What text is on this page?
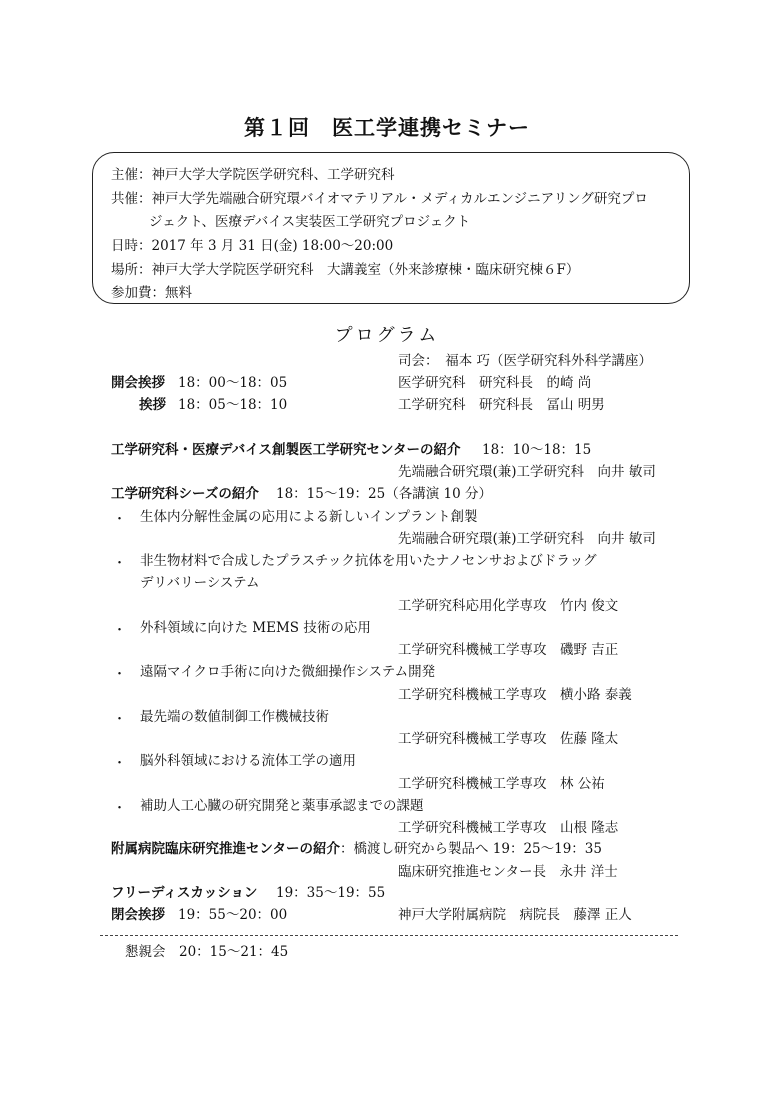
第１回　医工学連携セミナー
主催：神戸大学大学院医学研究科、工学研究科
共催：神戸大学先端融合研究環バイオマテリアル・メディカルエンジニアリング研究プロ
ジェクト、医療デバイス実装医工学研究プロジェクト
日時：2017 年 3 月 31 日(金) 18:00～20:00
場所：神戸大学大学院医学研究科　大講義室（外来診療棟・臨床研究棟６F）
参加費：無料
プログラム
司会：　福本 巧（医学研究科外科学講座）
開会挨拶 18：00～18：05	医学研究科　研究科長　的崎 尚
挨拶 18：05～18：10	工学研究科　研究科長　冨山 明男
工学研究科・医療デバイス創製医工学研究センターの紹介 18：10～18：15
先端融合研究環(兼)工学研究科　向井 敏司
工学研究科シーズの紹介 18：15～19：25（各講演 10 分）
・ 生体内分解性金属の応用による新しいインプラント創製
先端融合研究環(兼)工学研究科　向井 敏司
・ 非生物材料で合成したプラスチック抗体を用いたナノセンサおよびドラッグ
デリバリーシステム
工学研究科応用化学専攻　竹内 俊文
・ 外科領域に向けた MEMS 技術の応用
工学研究科機械工学専攻　磯野 吉正
・ 遠隔マイクロ手術に向けた微細操作システム開発
工学研究科機械工学専攻　横小路 泰義
・ 最先端の数値制御工作機械技術
工学研究科機械工学専攻　佐藤 隆太
・ 脳外科領域における流体工学の適用
工学研究科機械工学専攻　林 公祐
・ 補助人工心臓の研究開発と薬事承認までの課題
工学研究科機械工学専攻　山根 隆志
附属病院臨床研究推進センターの紹介：橋渡し研究から製品へ 19：25～19：35
臨床研究推進センター長　永井 洋士
フリーディスカッション 19：35～19：55
閉会挨拶 19：55～20：00	神戸大学附属病院　病院長　藤澤 正人
懇親会　20：15～21：45
